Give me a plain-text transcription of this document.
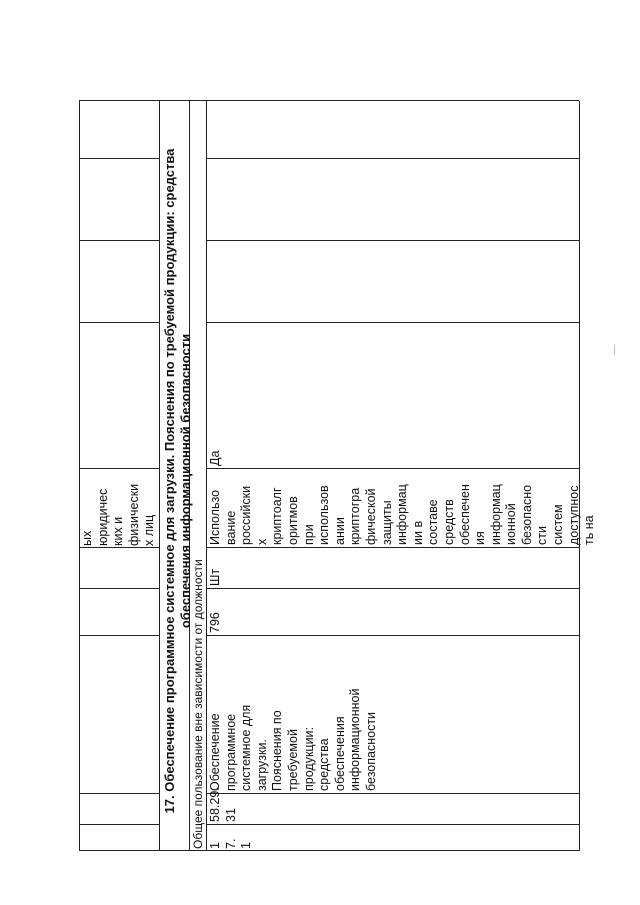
ых
юридичес
ких и
физически
х лиц 17. Обеспечение программное системное для загрузки. Пояснения по требуемой продукции: средства обеспечения информационной безопасности
Общее пользование вне зависимости от должности 1
7.
1
58.29.
31
Обеспечение
программное
системное для
загрузки.
Пояснения по
требуемой
продукции:
средства
обеспечения
информационной
безопасности
796
Шт
Использо
вание
российски
х
криптоалг
оритмов
при
использов
ании
криптогра
фической
защиты
информац
ии в
составе
средств
обеспечен
ия
информац
ионной
безопасно
сти
систем
доступнос
ть на
Да
